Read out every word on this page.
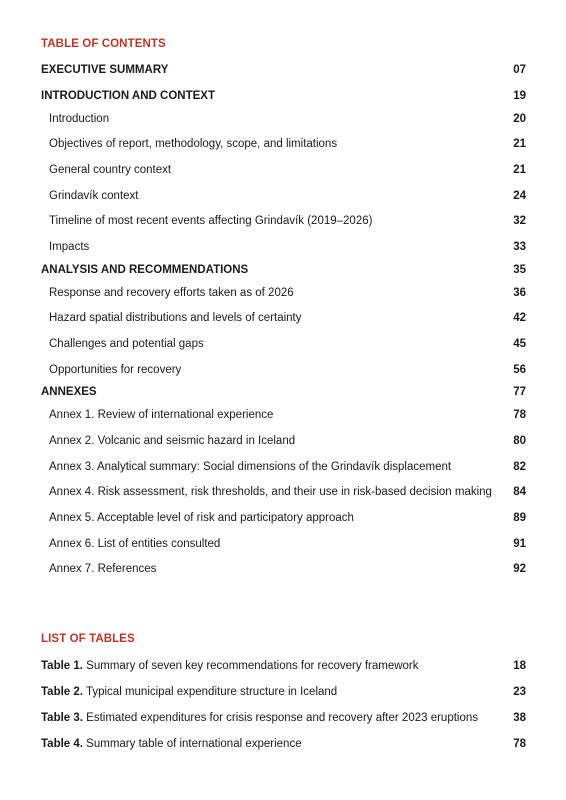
TABLE OF CONTENTS
EXECUTIVE SUMMARY	07
INTRODUCTION AND CONTEXT	19
Introduction	20
Objectives of report, methodology, scope, and limitations	21
General country context	21
Grindavík context	24
Timeline of most recent events affecting Grindavík (2019–2026)	32
Impacts	33
ANALYSIS AND RECOMMENDATIONS	35
Response and recovery efforts taken as of 2026	36
Hazard spatial distributions and levels of certainty	42
Challenges and potential gaps	45
Opportunities for recovery	56
ANNEXES	77
Annex 1. Review of international experience	78
Annex 2. Volcanic and seismic hazard in Iceland	80
Annex 3. Analytical summary: Social dimensions of the Grindavík displacement	82
Annex 4. Risk assessment, risk thresholds, and their use in risk-based decision making 84
Annex 5. Acceptable level of risk and participatory approach	89
Annex 6. List of entities consulted	91
Annex 7. References	92
LIST OF TABLES
Table 1. Summary of seven key recommendations for recovery framework	18
Table 2. Typical municipal expenditure structure in Iceland	23
Table 3. Estimated expenditures for crisis response and recovery after 2023 eruptions	38
Table 4. Summary table of international experience	78
